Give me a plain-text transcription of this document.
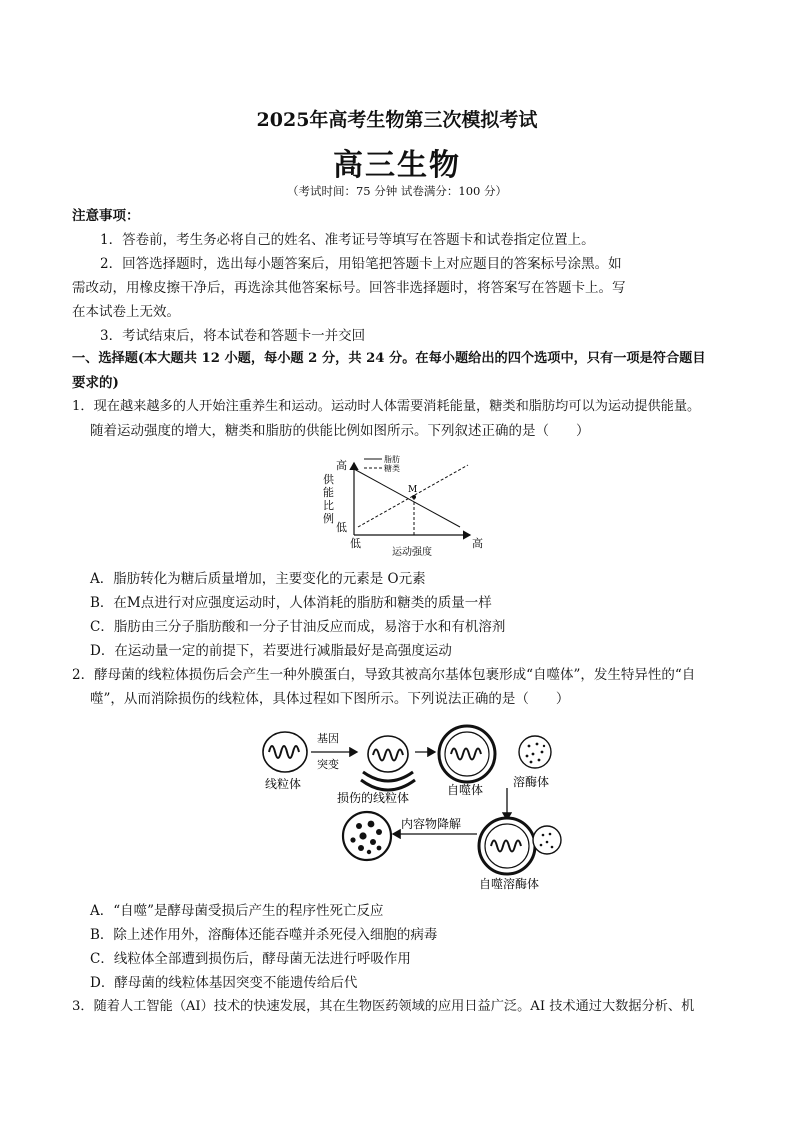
2025年高考生物第三次模拟考试
高三生物
（考试时间：75 分钟 试卷满分：100 分）
注意事项：
1．答卷前，考生务必将自己的姓名、准考证号等填写在答题卡和试卷指定位置上。
2．回答选择题时，选出每小题答案后，用铅笔把答题卡上对应题目的答案标号涂黑。如
需改动，用橡皮擦干净后，再选涂其他答案标号。回答非选择题时，将答案写在答题卡上。写
在本试卷上无效。
3．考试结束后，将本试卷和答题卡一并交回
一、选择题(本大题共 12 小题，每小题 2 分，共 24 分。在每小题给出的四个选项中，只有一项是符合题目
要求的)
1．现在越来越多的人开始注重养生和运动。运动时人体需要消耗能量，糖类和脂肪均可以为运动提供能量。
随着运动强度的增大，糖类和脂肪的供能比例如图所示。下列叙述正确的是（　　）
高
低
供
能
比
例
低	高
运动强度
脂肪
糖类
M
A．脂肪转化为糖后质量增加，主要变化的元素是 O元素
B．在M点进行对应强度运动时，人体消耗的脂肪和糖类的质量一样
C．脂肪由三分子脂肪酸和一分子甘油反应而成，易溶于水和有机溶剂
D．在运动量一定的前提下，若要进行减脂最好是高强度运动
2．酵母菌的线粒体损伤后会产生一种外膜蛋白，导致其被高尔基体包裹形成“自噬体”，发生特异性的“自
噬”，从而消除损伤的线粒体，具体过程如下图所示。下列说法正确的是（　　）
线粒体
基因
突变
损伤的线粒体
自噬体
溶酶体
自噬溶酶体
内容物降解
A．“自噬”是酵母菌受损后产生的程序性死亡反应
B．除上述作用外，溶酶体还能吞噬并杀死侵入细胞的病毒
C．线粒体全部遭到损伤后，酵母菌无法进行呼吸作用
D．酵母菌的线粒体基因突变不能遗传给后代
3．随着人工智能（AI）技术的快速发展，其在生物医药领域的应用日益广泛。AI 技术通过大数据分析、机
